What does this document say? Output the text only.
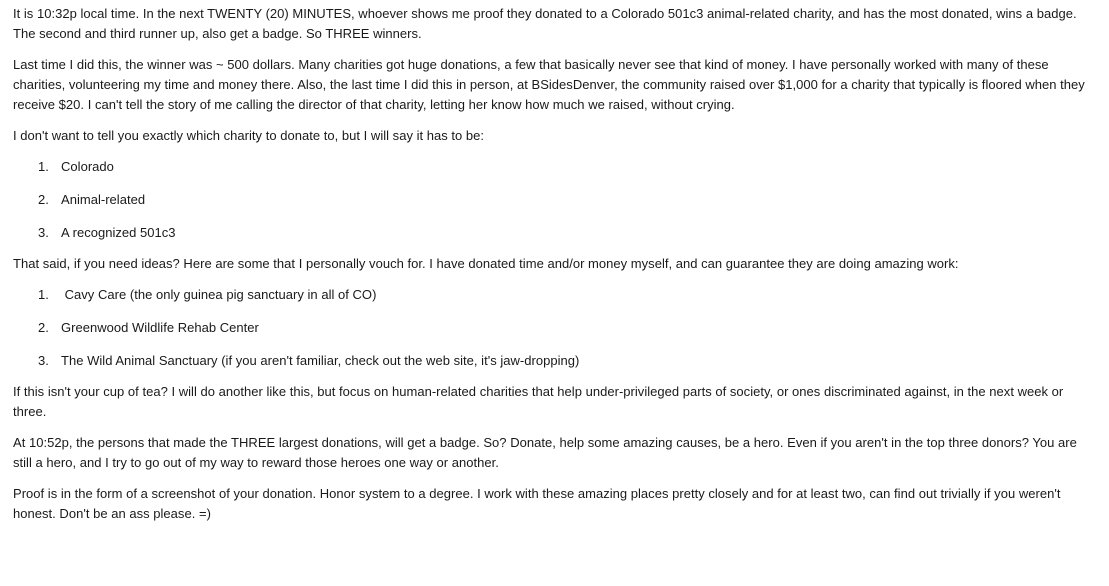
It is 10:32p local time. In the next TWENTY (20) MINUTES, whoever shows me proof they donated to a Colorado 501c3 animal-related charity, and has the most donated, wins a badge. The second and third runner up, also get a badge. So THREE winners.

Last time I did this, the winner was ~ 500 dollars. Many charities got huge donations, a few that basically never see that kind of money. I have personally worked with many of these charities, volunteering my time and money there. Also, the last time I did this in person, at BSidesDenver, the community raised over $1,000 for a charity that typically is floored when they receive $20. I can't tell the story of me calling the director of that charity, letting her know how much we raised, without crying.

I don't want to tell you exactly which charity to donate to, but I will say it has to be:

1. Colorado
2. Animal-related
3. A recognized 501c3

That said, if you need ideas? Here are some that I personally vouch for. I have donated time and/or money myself, and can guarantee they are doing amazing work:

1. Cavy Care (the only guinea pig sanctuary in all of CO)
2. Greenwood Wildlife Rehab Center
3. The Wild Animal Sanctuary (if you aren't familiar, check out the web site, it's jaw-dropping)

If this isn't your cup of tea? I will do another like this, but focus on human-related charities that help under-privileged parts of society, or ones discriminated against, in the next week or three.

At 10:52p, the persons that made the THREE largest donations, will get a badge. So? Donate, help some amazing causes, be a hero. Even if you aren't in the top three donors? You are still a hero, and I try to go out of my way to reward those heroes one way or another.

Proof is in the form of a screenshot of your donation. Honor system to a degree. I work with these amazing places pretty closely and for at least two, can find out trivially if you weren't honest. Don't be an ass please. =)
